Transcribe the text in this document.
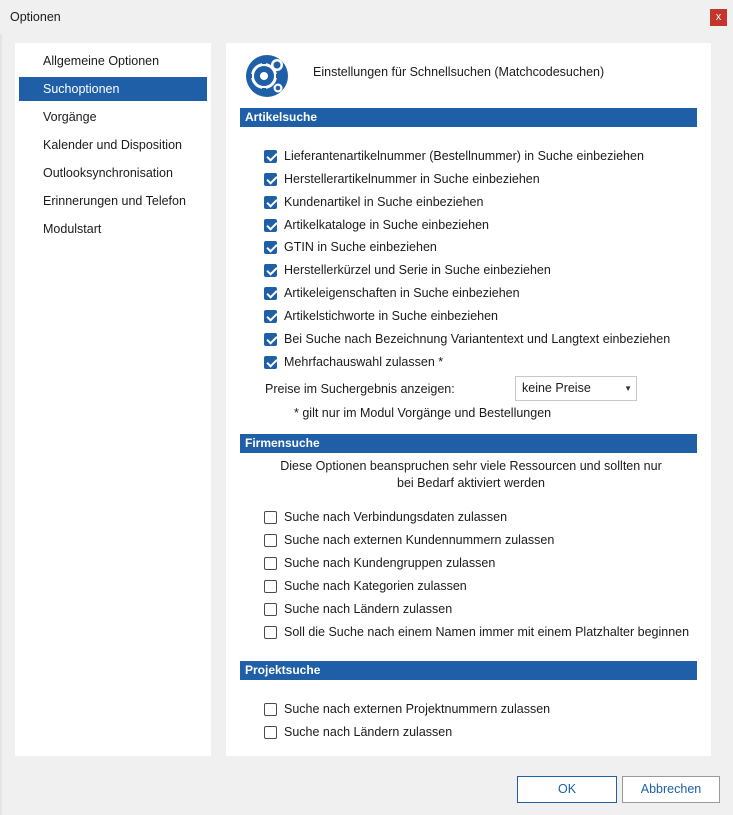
Optionen	x
Allgemeine Optionen
Suchoptionen
Vorgänge
Kalender und Disposition
Outlooksynchronisation
Erinnerungen und Telefon
Modulstart
Einstellungen für Schnellsuchen (Matchcodesuchen)
Artikelsuche
Lieferantenartikelnummer (Bestellnummer) in Suche einbeziehen
Herstellerartikelnummer in Suche einbeziehen
Kundenartikel in Suche einbeziehen
Artikelkataloge in Suche einbeziehen
GTIN in Suche einbeziehen
Herstellerkürzel und Serie in Suche einbeziehen
Artikeleigenschaften in Suche einbeziehen
Artikelstichworte in Suche einbeziehen
Bei Suche nach Bezeichnung Variantentext und Langtext einbeziehen
Mehrfachauswahl zulassen *
Preise im Suchergebnis anzeigen:	keine Preise	▼
* gilt nur im Modul Vorgänge und Bestellungen
Firmensuche
Diese Optionen beanspruchen sehr viele Ressourcen und sollten nur
bei Bedarf aktiviert werden
Suche nach Verbindungsdaten zulassen
Suche nach externen Kundennummern zulassen
Suche nach Kundengruppen zulassen
Suche nach Kategorien zulassen
Suche nach Ländern zulassen
Soll die Suche nach einem Namen immer mit einem Platzhalter beginnen
Projektsuche
Suche nach externen Projektnummern zulassen
Suche nach Ländern zulassen
OK	Abbrechen
